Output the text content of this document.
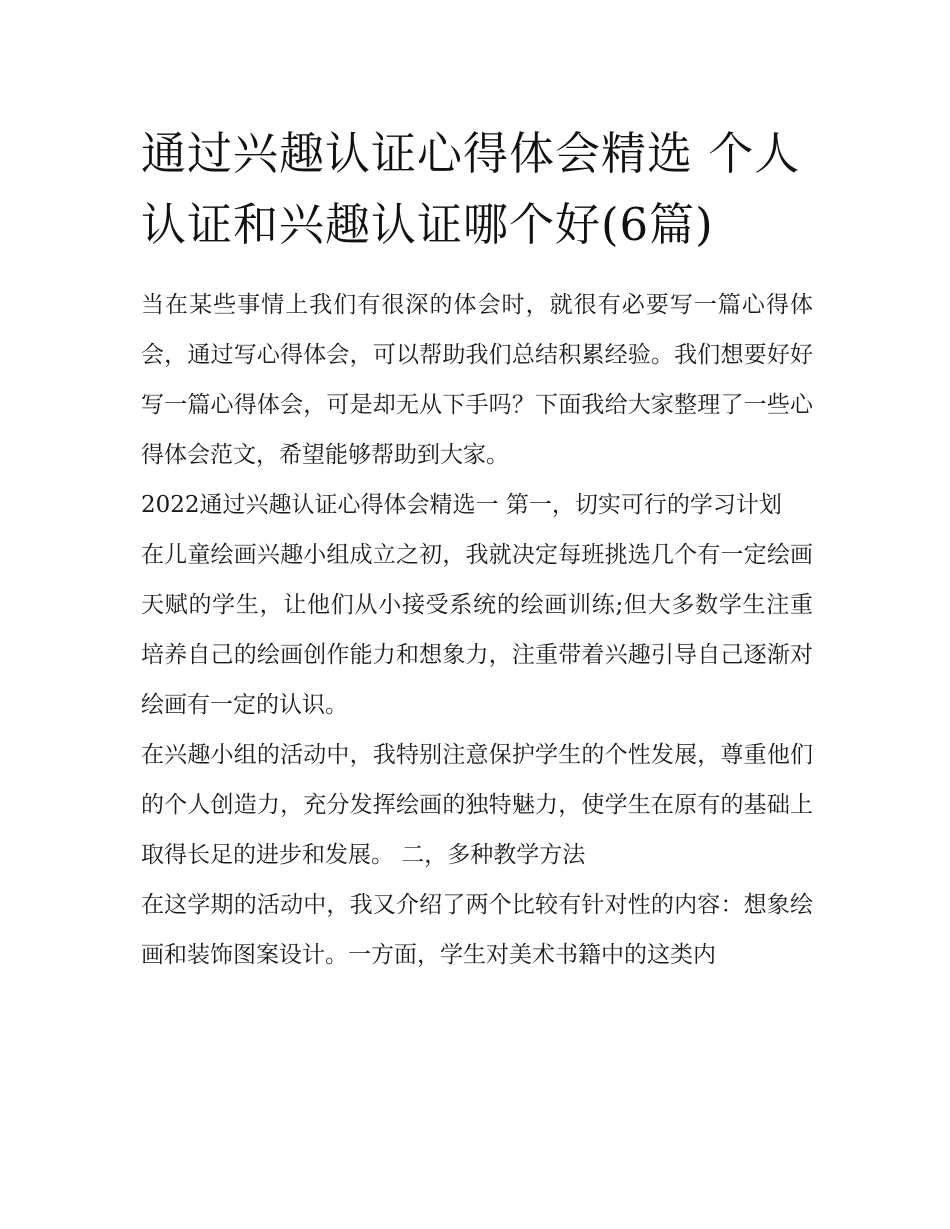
通过兴趣认证心得体会精选 个人认证和兴趣认证哪个好(6篇)

当在某些事情上我们有很深的体会时，就很有必要写一篇心得体会，通过写心得体会，可以帮助我们总结积累经验。我们想要好好写一篇心得体会，可是却无从下手吗？下面我给大家整理了一些心得体会范文，希望能够帮助到大家。

2022通过兴趣认证心得体会精选一 第一，切实可行的学习计划

在儿童绘画兴趣小组成立之初，我就决定每班挑选几个有一定绘画天赋的学生，让他们从小接受系统的绘画训练;但大多数学生注重培养自己的绘画创作能力和想象力，注重带着兴趣引导自己逐渐对绘画有一定的认识。

在兴趣小组的活动中，我特别注意保护学生的个性发展，尊重他们的个人创造力，充分发挥绘画的独特魅力，使学生在原有的基础上取得长足的进步和发展。 二，多种教学方法

在这学期的活动中，我又介绍了两个比较有针对性的内容：想象绘画和装饰图案设计。一方面，学生对美术书籍中的这类内
